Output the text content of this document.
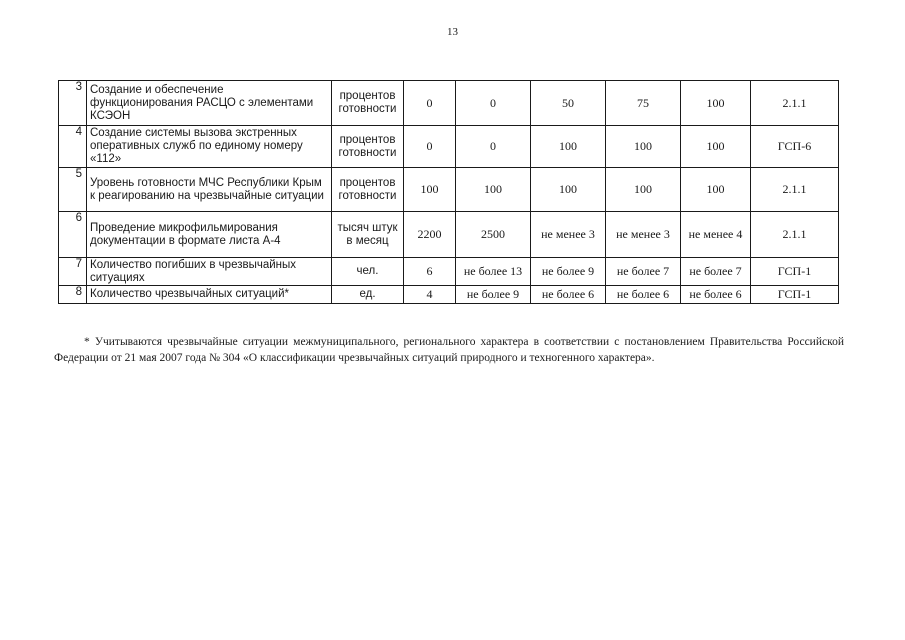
13
3	Создание и обеспечение функционирования РАСЦО с элементами КСЭОН	процентов готовности	0	0	50	75	100	2.1.1
4	Создание системы вызова экстренных оперативных служб по единому номеру «112»	процентов готовности	0	0	100	100	100	ГСП-6
5	Уровень готовности МЧС Республики Крым к реагированию на чрезвычайные ситуации	процентов готовности	100	100	100	100	100	2.1.1
6	Проведение микрофильмирования документации в формате листа А-4	тысяч штук в месяц	2200	2500	не менее 3	не менее 3	не менее 4	2.1.1
7	Количество погибших в чрезвычайных ситуациях	чел.	6	не более 13	не более 9	не более 7	не более 7	ГСП-1
8	Количество чрезвычайных ситуаций*	ед.	4	не более 9	не более 6	не более 6	не более 6	ГСП-1

* Учитываются чрезвычайные ситуации межмуниципального, регионального характера в соответствии с постановлением Правительства Российской Федерации от 21 мая 2007 года № 304 «О классификации чрезвычайных ситуаций природного и техногенного характера».
